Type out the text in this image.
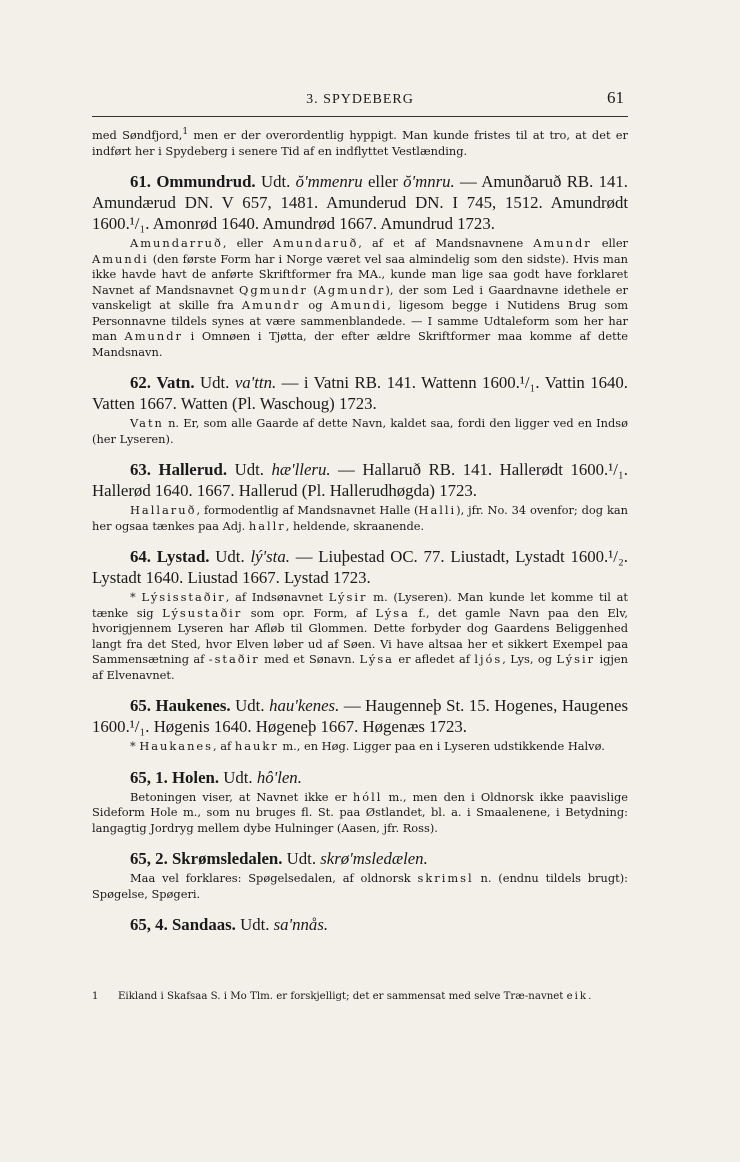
3. SPYDEBERG	61

med Søndfjord,$^1$ men er der overordentlig hyppigt. Man kunde fristes til at tro, at det er indført her i Spydeberg i senere Tid af en indflyttet Vestlænding.

61. Ommundrud. Udt. ŏ'mmenru eller ŏ'mnru. — Amunðaruð RB. 141. Amundærud DN. V 657, 1481. Amunderud DN. I 745, 1512. Amundrødt 1600.¹/₁. Amonrød 1640. Amundrød 1667. Amundrud 1723.

Amundarruð, eller Amundaruð, af et af Mandsnavnene Amundr eller Amundi (den første Form har i Norge været vel saa almindelig som den sidste). Hvis man ikke havde havt de anførte Skriftformer fra MA., kunde man lige saa godt have forklaret Navnet af Mandsnavnet Qgmundr (Agmundr), der som Led i Gaardnavne idethele er vanskeligt at skille fra Amundr og Amundi, ligesom begge i Nutidens Brug som Personnavne tildels synes at være sammenblandede. — I samme Udtaleform som her har man Amundr i Omnøen i Tjøtta, der efter ældre Skriftformer maa komme af dette Mandsnavn.

62. Vatn. Udt. va'ttn. — i Vatni RB. 141. Wattenn 1600.¹/₁. Vattin 1640. Vatten 1667. Watten (Pl. Waschoug) 1723.

Vatn n. Er, som alle Gaarde af dette Navn, kaldet saa, fordi den ligger ved en Indsø (her Lyseren).

63. Hallerud. Udt. hæ'lleru. — Hallaruð RB. 141. Hallerødt 1600.¹/₁. Hallerød 1640. 1667. Hallerud (Pl. Hallerudhøgda) 1723.

Hallaruð, formodentlig af Mandsnavnet Halle (Halli), jfr. No. 34 ovenfor; dog kan her ogsaa tænkes paa Adj. hallr, heldende, skraanende.

64. Lystad. Udt. lý'sta. — Liuþestad OC. 77. Liustadt, Lystadt 1600.¹/₂. Lystadt 1640. Liustad 1667. Lystad 1723.

* Lýsisstaðir, af Indsønavnet Lýsir m. (Lyseren). Man kunde let komme til at tænke sig Lýsustaðir som opr. Form, af Lýsa f., det gamle Navn paa den Elv, hvorigjennem Lyseren har Afløb til Glommen. Dette forbyder dog Gaardens Beliggenhed langt fra det Sted, hvor Elven løber ud af Søen. Vi have altsaa her et sikkert Exempel paa Sammensætning af -staðir med et Sønavn. Lýsa er afledet af ljós, Lys, og Lýsir igjen af Elvenavnet.

65. Haukenes. Udt. hau'kenes. — Haugenneþ St. 15. Hogenes, Haugenes 1600.¹/₁. Høgenis 1640. Høgeneþ 1667. Høgenæs 1723.

* Haukanes, af haukr m., en Høg. Ligger paa en i Lyseren udstikkende Halvø.

65, 1. Holen. Udt. hô'len.

Betoningen viser, at Navnet ikke er hóll m., men den i Oldnorsk ikke paavislige Sideform Hole m., som nu bruges fl. St. paa Østlandet, bl. a. i Smaalenene, i Betydning: langagtig Jordryg mellem dybe Hulninger (Aasen, jfr. Ross).

65, 2. Skrømsledalen. Udt. skrø'msledælen.

Maa vel forklares: Spøgelsedalen, af oldnorsk skrimsl n. (endnu tildels brugt): Spøgelse, Spøgeri.

65, 4. Sandaas. Udt. sa'nnås.

1 Eikland i Skafsaa S. i Mo Tlm. er forskjelligt; det er sammensat med selve Træ-navnet eik.
